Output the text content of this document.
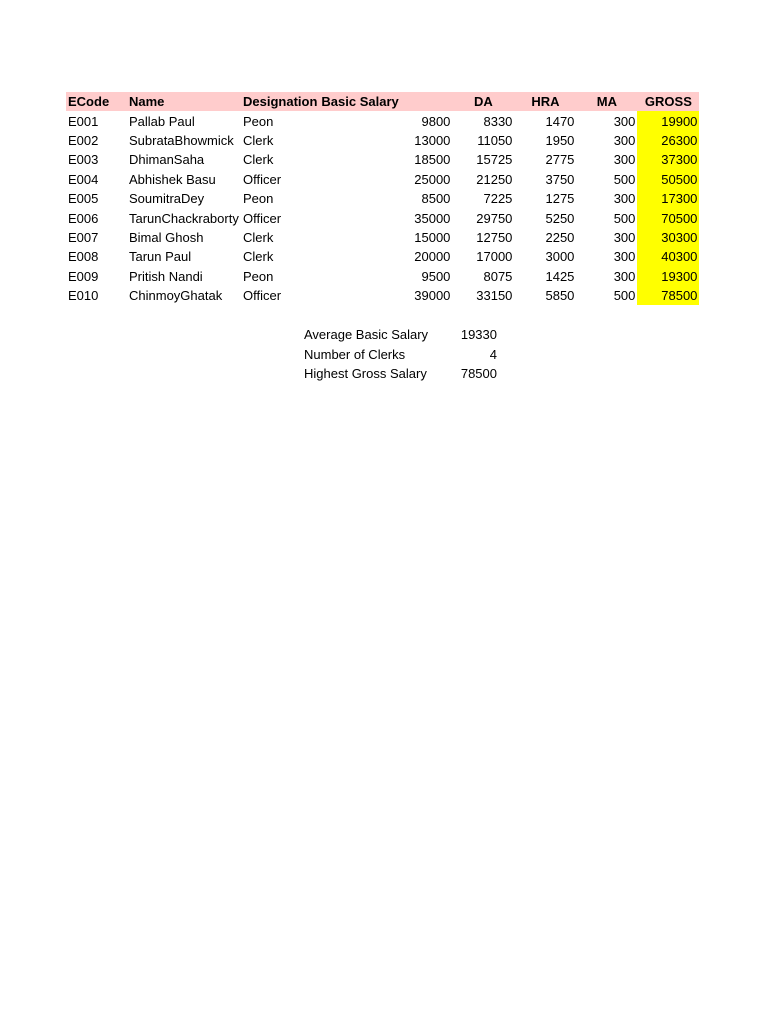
ECode	Name	Designation	Basic Salary	DA	HRA	MA	GROSS
E001	Pallab Paul	Peon	9800	8330	1470	300	19900
E002	SubrataBhowmick	Clerk	13000	11050	1950	300	26300
E003	DhimanSaha	Clerk	18500	15725	2775	300	37300
E004	Abhishek Basu	Officer	25000	21250	3750	500	50500
E005	SoumitraDey	Peon	8500	7225	1275	300	17300
E006	TarunChackraborty	Officer	35000	29750	5250	500	70500
E007	Bimal Ghosh	Clerk	15000	12750	2250	300	30300
E008	Tarun Paul	Clerk	20000	17000	3000	300	40300
E009	Pritish Nandi	Peon	9500	8075	1425	300	19300
E010	ChinmoyGhatak	Officer	39000	33150	5850	500	78500
Average Basic Salary	19330
Number of Clerks	4
Highest Gross Salary	78500
